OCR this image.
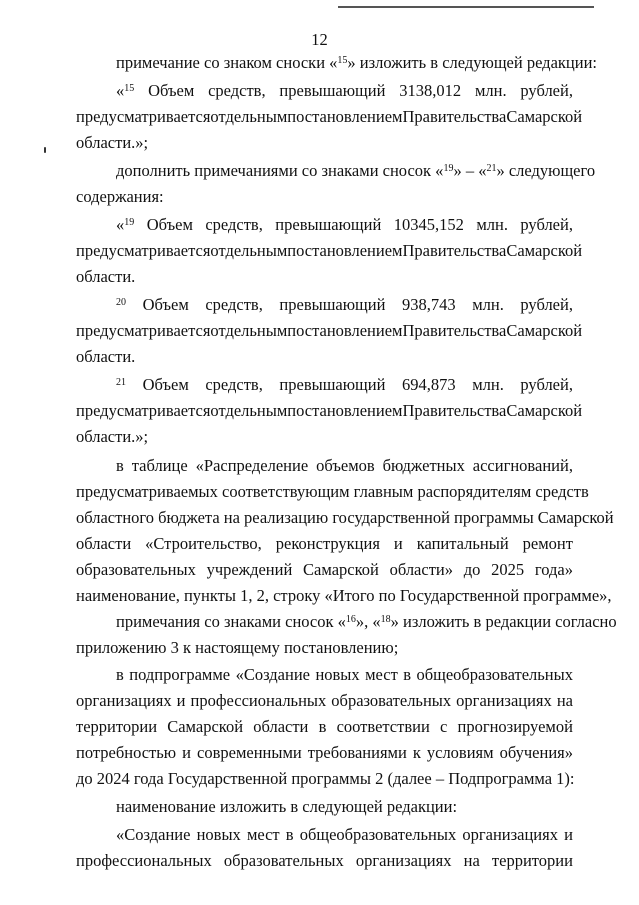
12
примечание со знаком сноски «$^{15}$» изложить в следующей редакции:
«$^{15}$ Объем средств, превышающий 3138,012 млн. рублей,
предусматривается отдельным постановлением Правительства Самарской
области.»;
дополнить примечаниями со знаками сносок «$^{19}$» – «$^{21}$» следующего
содержания:
«$^{19}$ Объем средств, превышающий 10345,152 млн. рублей,
предусматривается отдельным постановлением Правительства Самарской
области.
$^{20}$ Объем средств, превышающий 938,743 млн. рублей,
предусматривается отдельным постановлением Правительства Самарской
области.
$^{21}$ Объем средств, превышающий 694,873 млн. рублей,
предусматривается отдельным постановлением Правительства Самарской
области.»;
в таблице «Распределение объемов бюджетных ассигнований,
предусматриваемых соответствующим главным распорядителям средств
областного бюджета на реализацию государственной программы Самарской
области «Строительство, реконструкция и капитальный ремонт
образовательных учреждений Самарской области» до 2025 года»
наименование, пункты 1, 2, строку «Итого по Государственной программе»,
примечания со знаками сносок «$^{16}$», «$^{18}$» изложить в редакции согласно
приложению 3 к настоящему постановлению;
в подпрограмме «Создание новых мест в общеобразовательных
организациях и профессиональных образовательных организациях на
территории Самарской области в соответствии с прогнозируемой
потребностью и современными требованиями к условиям обучения»
до 2024 года Государственной программы 2 (далее – Подпрограмма 1):
наименование изложить в следующей редакции:
«Создание новых мест в общеобразовательных организациях и
профессиональных образовательных организациях на территории
